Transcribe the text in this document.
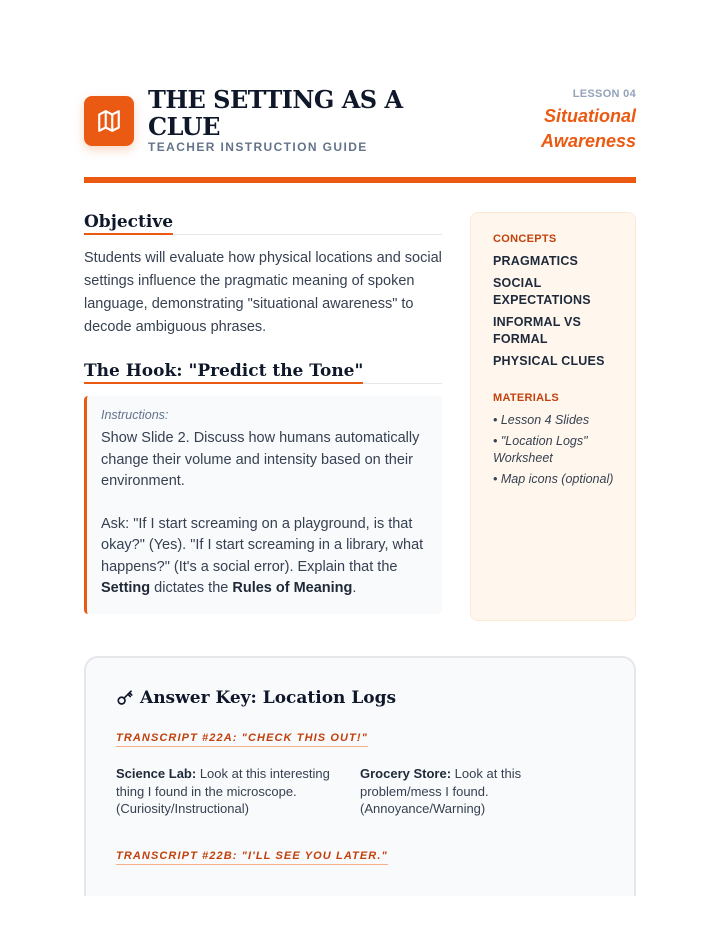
THE SETTING AS A CLUE
TEACHER INSTRUCTION GUIDE
LESSON 04
Situational Awareness
Objective

Students will evaluate how physical locations and social settings influence the pragmatic meaning of spoken language, demonstrating "situational awareness" to decode ambiguous phrases.

The Hook: "Predict the Tone"
Instructions:

Show Slide 2. Discuss how humans automatically change their volume and intensity based on their environment.

Ask: "If I start screaming on a playground, is that okay?" (Yes). "If I start screaming in a library, what happens?" (It's a social error). Explain that the Setting dictates the Rules of Meaning.

CONCEPTS
PRAGMATICS
SOCIAL EXPECTATIONS
INFORMAL VS FORMAL
PHYSICAL CLUES
MATERIALS
• Lesson 4 Slides
• "Location Logs" Worksheet
• Map icons (optional)
Answer Key: Location Logs
TRANSCRIPT #22A: "CHECK THIS OUT!"
Science Lab: Look at this interesting thing I found in the microscope. (Curiosity/Instructional)
Grocery Store: Look at this problem/mess I found. (Annoyance/Warning)
TRANSCRIPT #22B: "I'LL SEE YOU LATER."
